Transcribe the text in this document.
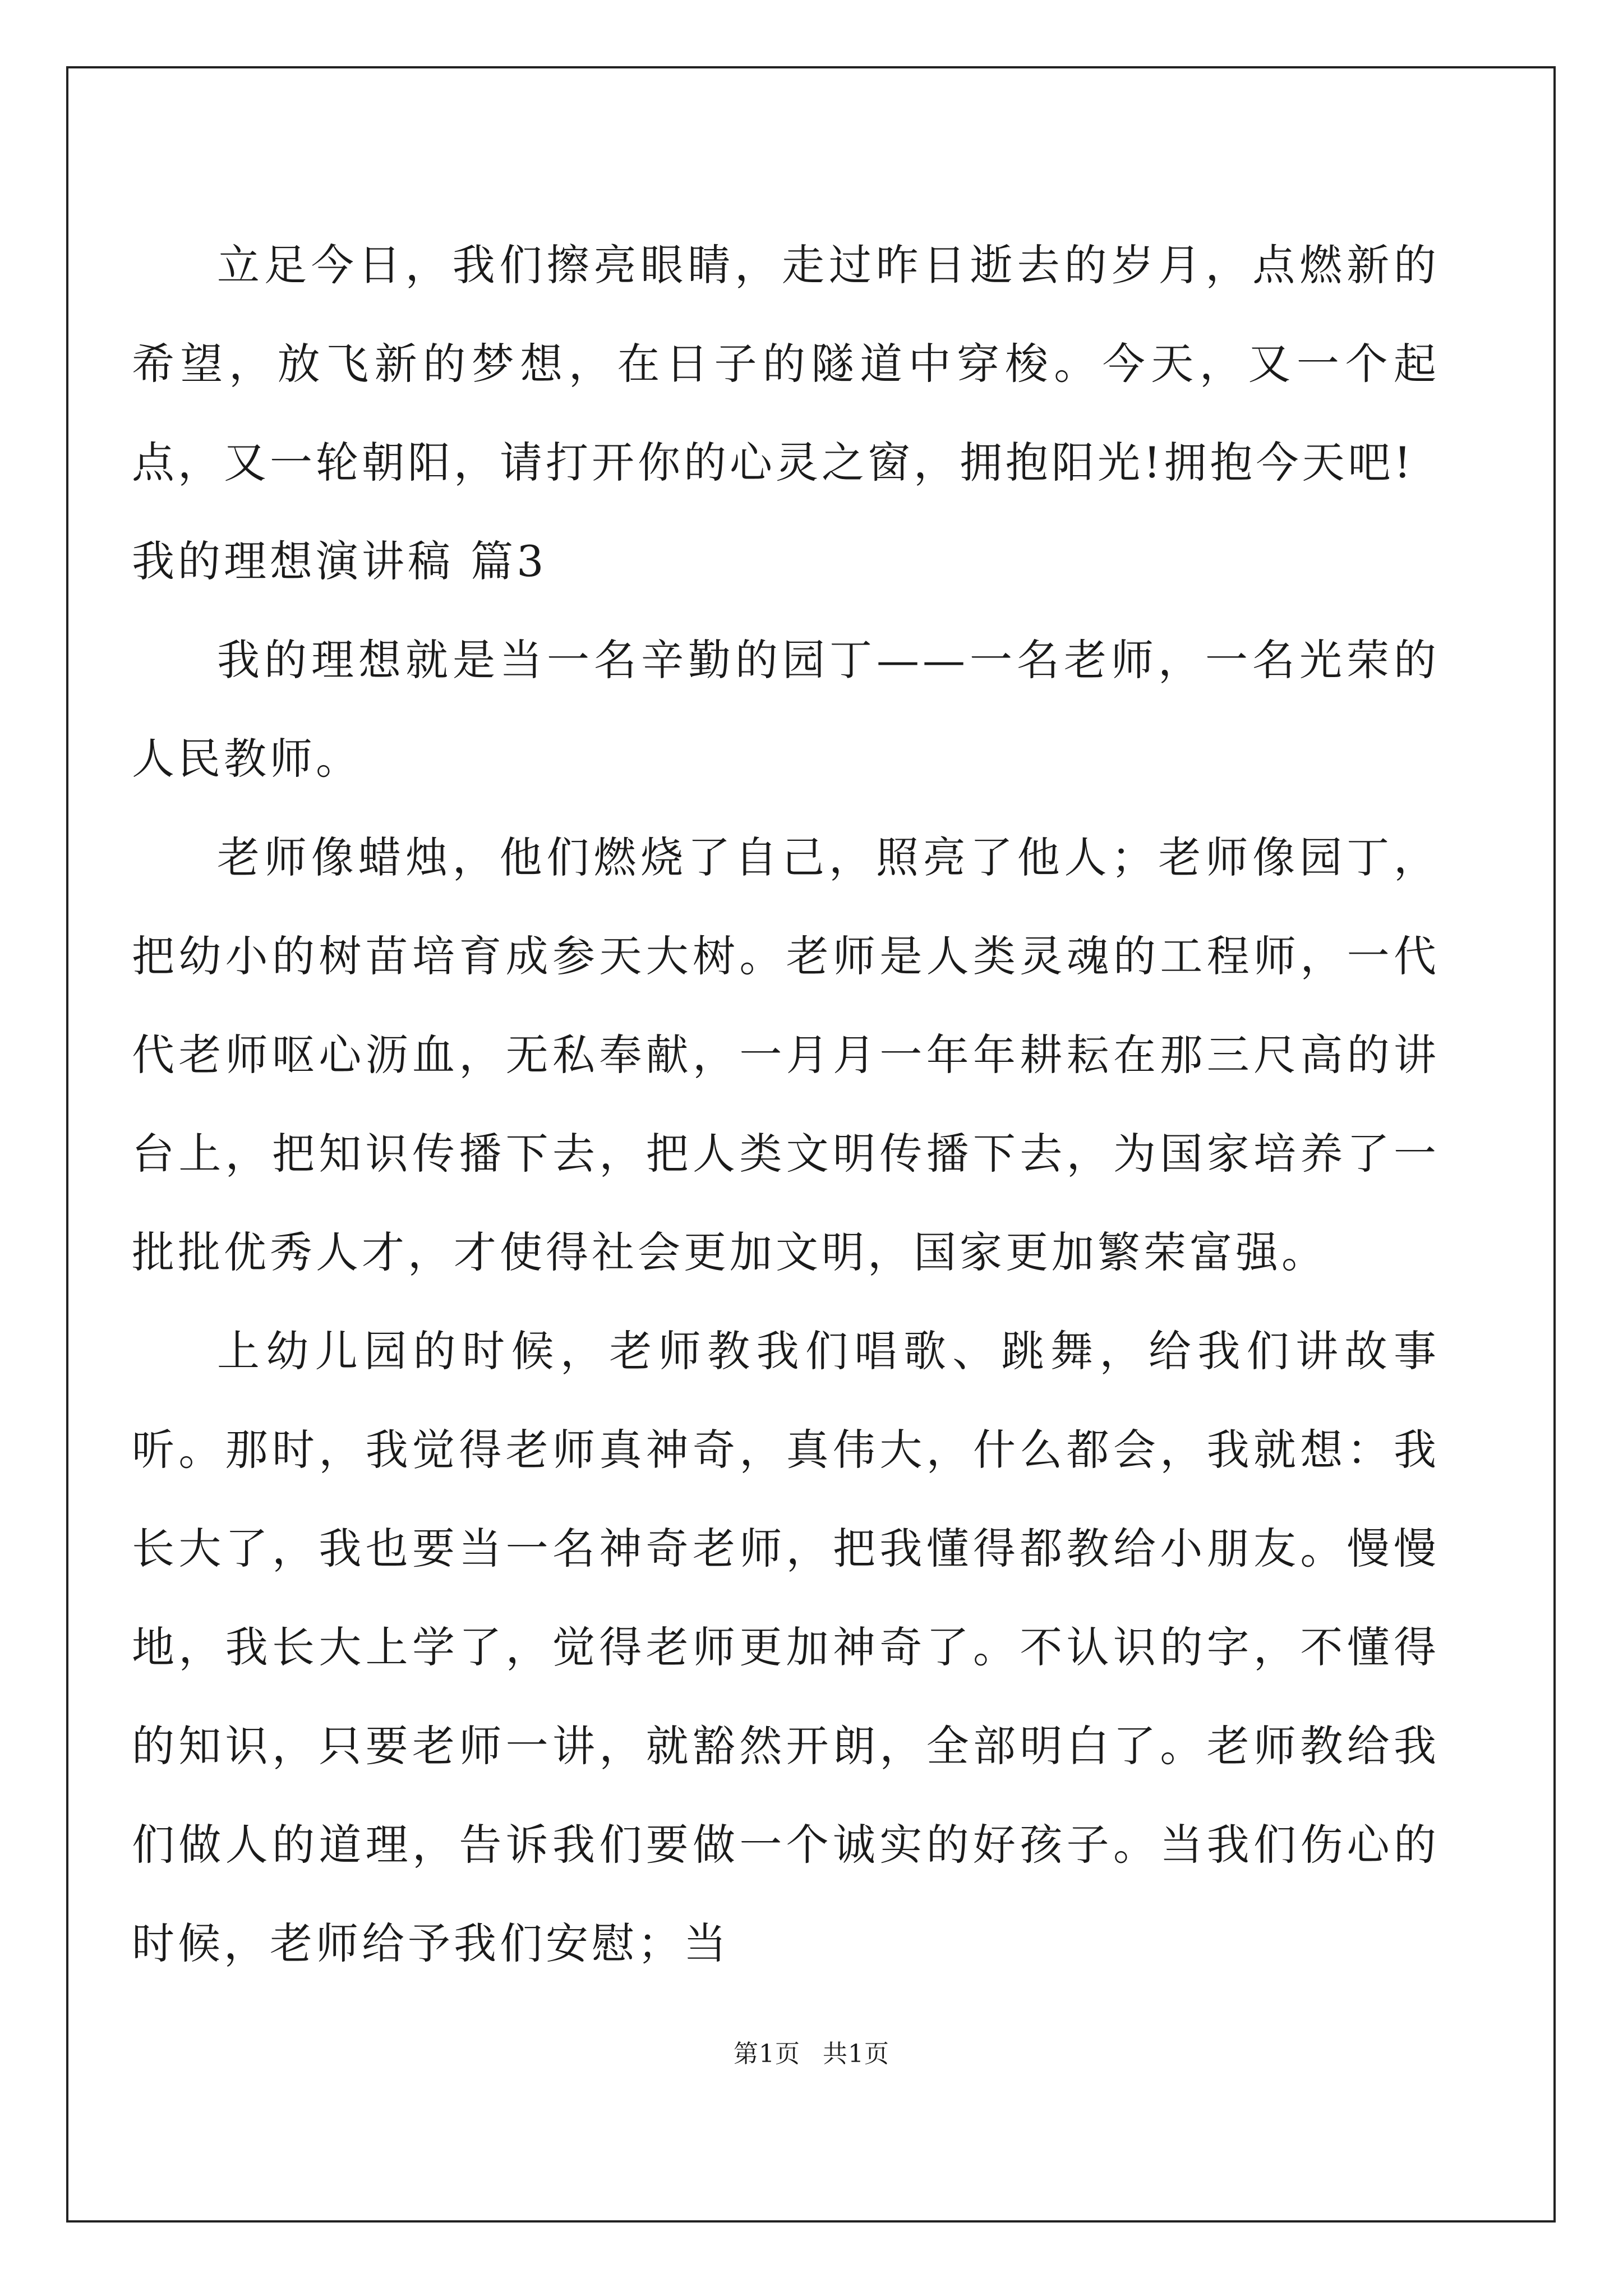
立足今日，我们擦亮眼睛，走过昨日逝去的岁月，点燃新的希望，放飞新的梦想，在日子的隧道中穿梭。今天，又一个起点，又一轮朝阳，请打开你的心灵之窗，拥抱阳光!拥抱今天吧!

我的理想演讲稿 篇3

我的理想就是当一名辛勤的园丁——一名老师，一名光荣的人民教师。

老师像蜡烛，他们燃烧了自己，照亮了他人；老师像园丁，把幼小的树苗培育成参天大树。老师是人类灵魂的工程师，一代代老师呕心沥血，无私奉献，一月月一年年耕耘在那三尺高的讲台上，把知识传播下去，把人类文明传播下去，为国家培养了一批批优秀人才，才使得社会更加文明，国家更加繁荣富强。

上幼儿园的时候，老师教我们唱歌、跳舞，给我们讲故事听。那时，我觉得老师真神奇，真伟大，什么都会，我就想：我长大了，我也要当一名神奇老师，把我懂得都教给小朋友。慢慢地，我长大上学了，觉得老师更加神奇了。不认识的字，不懂得的知识，只要老师一讲，就豁然开朗，全部明白了。老师教给我们做人的道理，告诉我们要做一个诚实的好孩子。当我们伤心的时候，老师给予我们安慰；当

第1页 共1页
